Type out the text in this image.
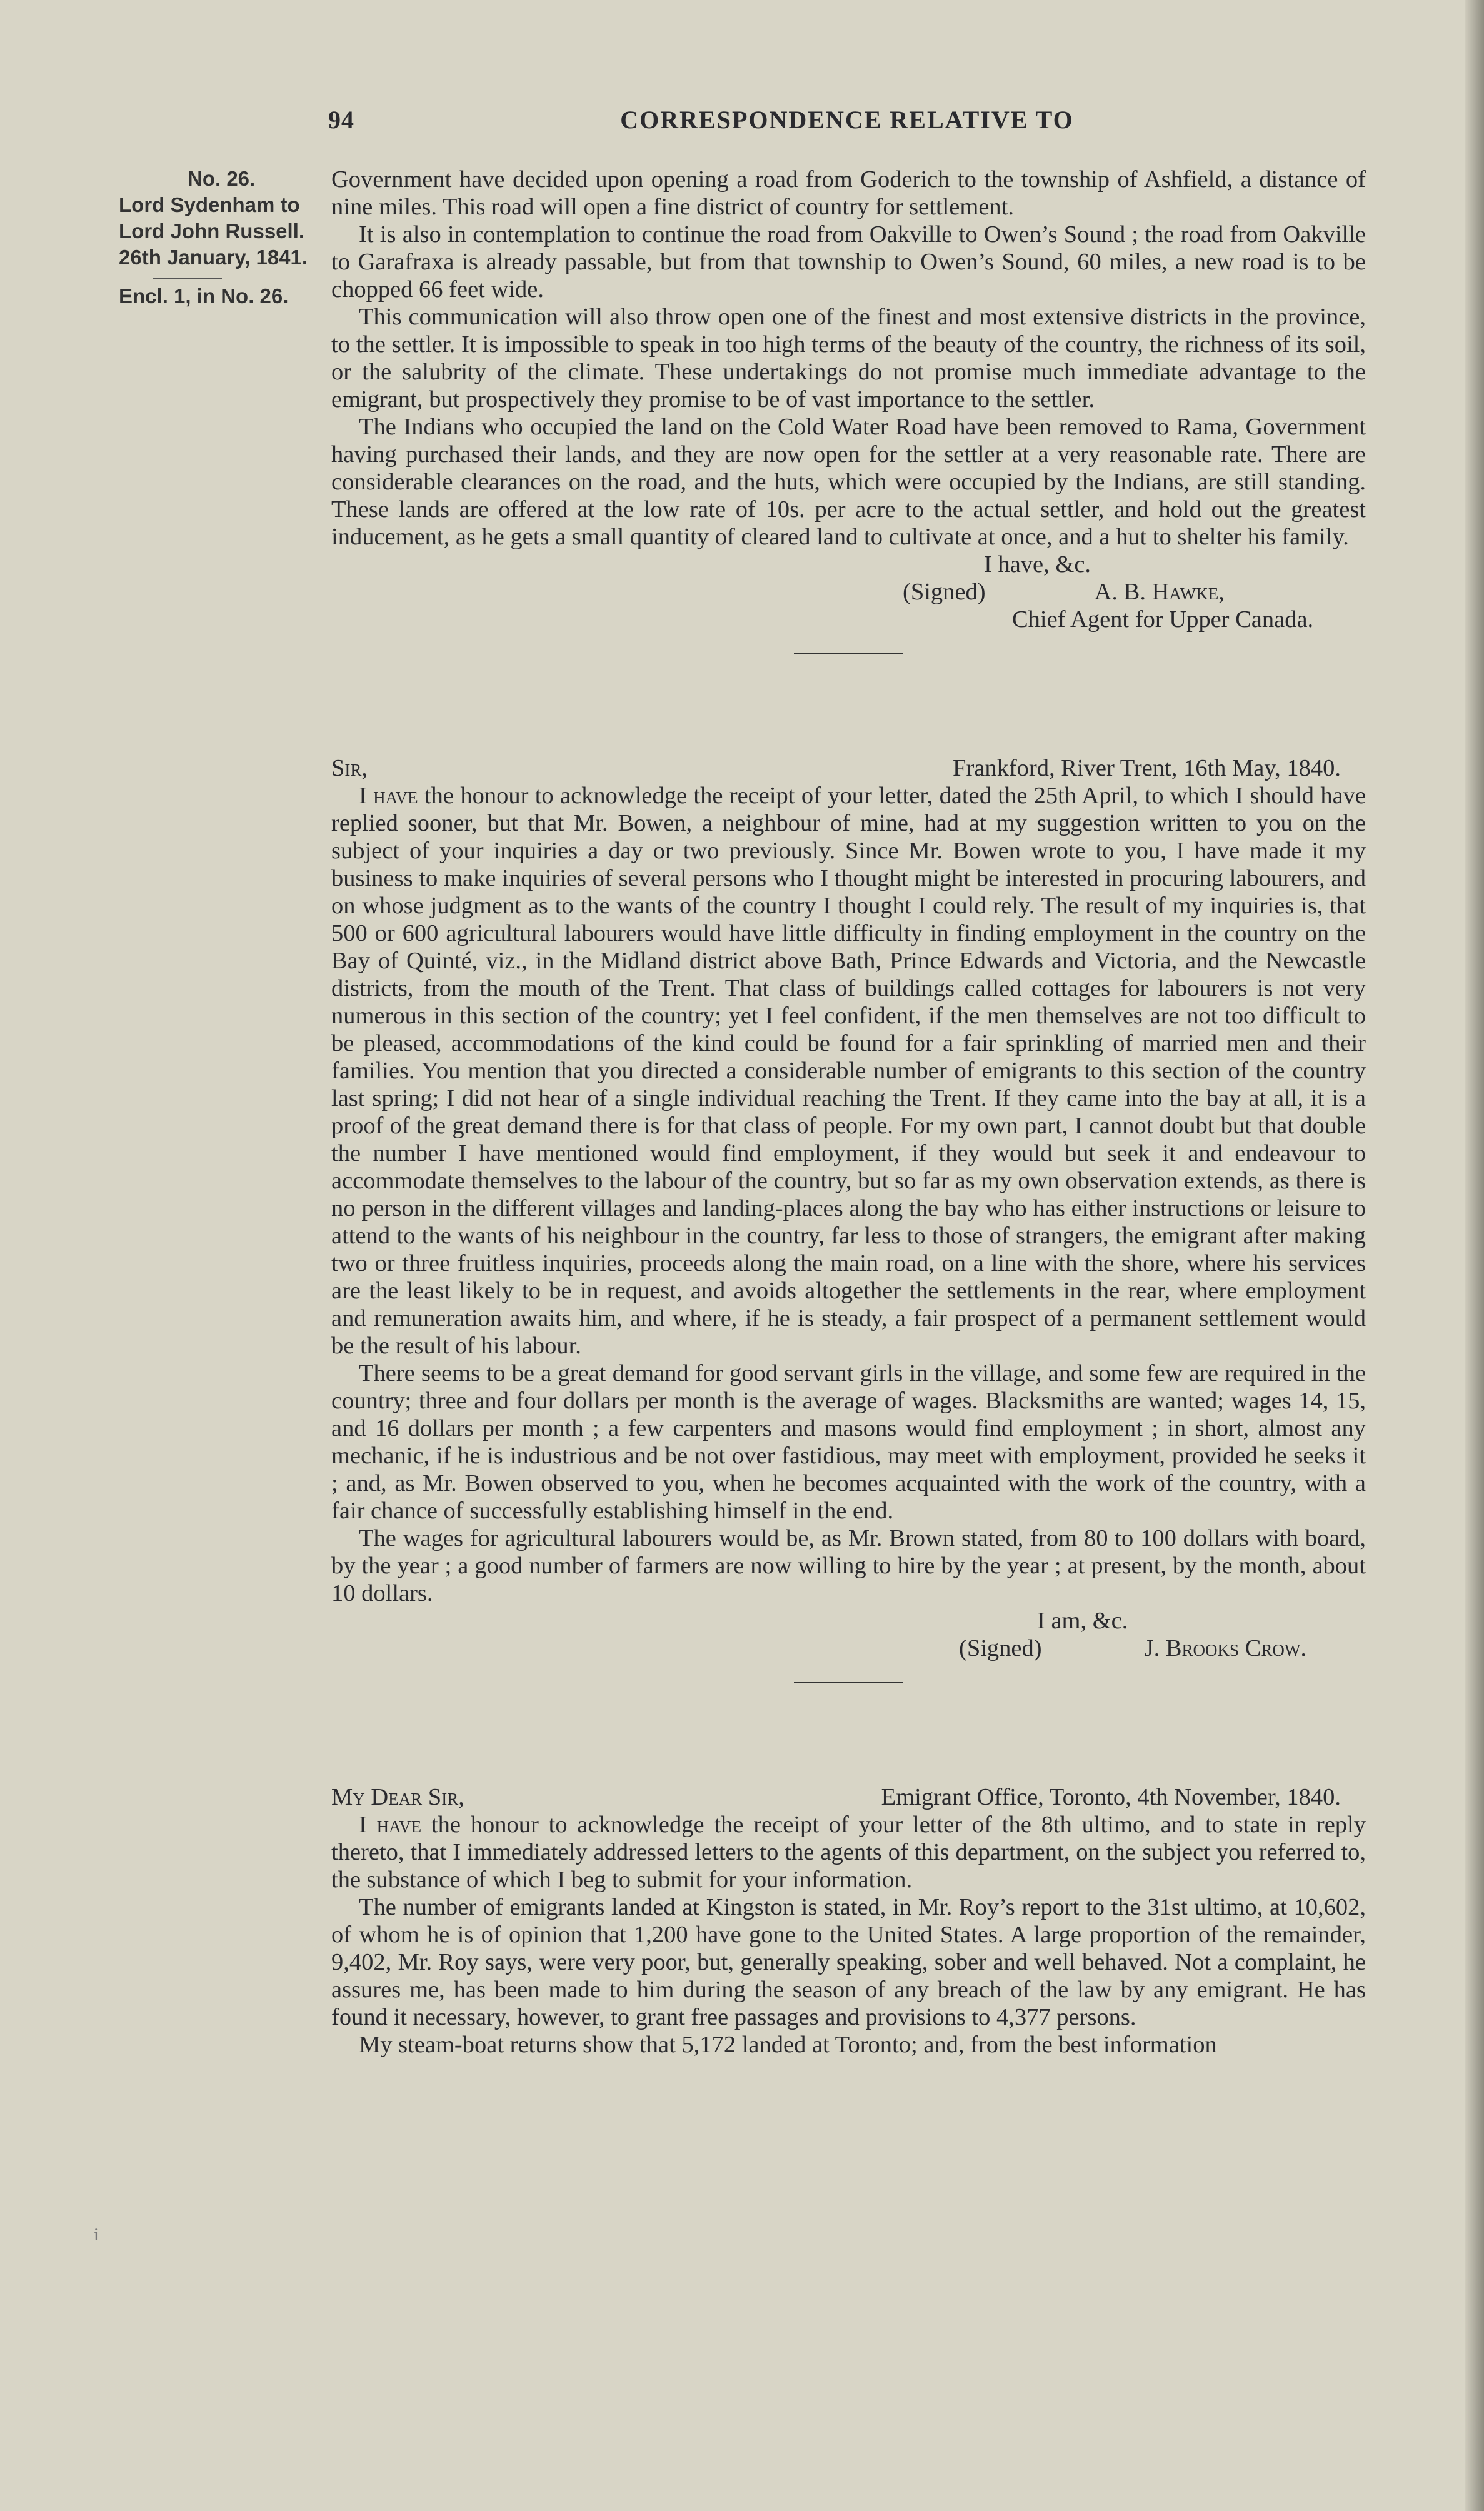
94	CORRESPONDENCE RELATIVE TO
No. 26.
Lord Sydenham to
Lord John Russell.
26th January, 1841.
Encl. 1, in No. 26.

Government have decided upon opening a road from Goderich to the township of Ashfield, a distance of nine miles. This road will open a fine district of country for settlement.

It is also in contemplation to continue the road from Oakville to Owen’s Sound ; the road from Oakville to Garafraxa is already passable, but from that township to Owen’s Sound, 60 miles, a new road is to be chopped 66 feet wide.

This communication will also throw open one of the finest and most extensive districts in the province, to the settler. It is impossible to speak in too high terms of the beauty of the country, the richness of its soil, or the salubrity of the climate. These undertakings do not promise much immediate advantage to the emigrant, but prospectively they promise to be of vast importance to the settler.

The Indians who occupied the land on the Cold Water Road have been removed to Rama, Government having purchased their lands, and they are now open for the settler at a very reasonable rate. There are considerable clearances on the road, and the huts, which were occupied by the Indians, are still standing. These lands are offered at the low rate of 10s. per acre to the actual settler, and hold out the greatest inducement, as he gets a small quantity of cleared land to cultivate at once, and a hut to shelter his family.

I have, &c.

(Signed)	A. B. Hawke,

Chief Agent for Upper Canada.

Sir,	Frankford, River Trent, 16th May, 1840.

I have the honour to acknowledge the receipt of your letter, dated the 25th April, to which I should have replied sooner, but that Mr. Bowen, a neighbour of mine, had at my suggestion written to you on the subject of your inquiries a day or two previously. Since Mr. Bowen wrote to you, I have made it my business to make inquiries of several persons who I thought might be interested in procuring labourers, and on whose judgment as to the wants of the country I thought I could rely. The result of my inquiries is, that 500 or 600 agricultural labourers would have little difficulty in finding employment in the country on the Bay of Quinté, viz., in the Midland district above Bath, Prince Edwards and Victoria, and the Newcastle districts, from the mouth of the Trent. That class of buildings called cottages for labourers is not very numerous in this section of the country; yet I feel confident, if the men themselves are not too difficult to be pleased, accommodations of the kind could be found for a fair sprinkling of married men and their families. You mention that you directed a considerable number of emigrants to this section of the country last spring; I did not hear of a single individual reaching the Trent. If they came into the bay at all, it is a proof of the great demand there is for that class of people. For my own part, I cannot doubt but that double the number I have mentioned would find employment, if they would but seek it and endeavour to accommodate themselves to the labour of the country, but so far as my own observation extends, as there is no person in the different villages and landing-places along the bay who has either instructions or leisure to attend to the wants of his neighbour in the country, far less to those of strangers, the emigrant after making two or three fruitless inquiries, proceeds along the main road, on a line with the shore, where his services are the least likely to be in request, and avoids altogether the settlements in the rear, where employment and remuneration awaits him, and where, if he is steady, a fair prospect of a permanent settlement would be the result of his labour.

There seems to be a great demand for good servant girls in the village, and some few are required in the country; three and four dollars per month is the average of wages. Blacksmiths are wanted; wages 14, 15, and 16 dollars per month ; a few carpenters and masons would find employment ; in short, almost any mechanic, if he is industrious and be not over fastidious, may meet with employment, provided he seeks it ; and, as Mr. Bowen observed to you, when he becomes acquainted with the work of the country, with a fair chance of successfully establishing himself in the end.

The wages for agricultural labourers would be, as Mr. Brown stated, from 80 to 100 dollars with board, by the year ; a good number of farmers are now willing to hire by the year ; at present, by the month, about 10 dollars.

I am, &c.

(Signed)	J. Brooks Crow.

My Dear Sir,	Emigrant Office, Toronto, 4th November, 1840.

I have the honour to acknowledge the receipt of your letter of the 8th ultimo, and to state in reply thereto, that I immediately addressed letters to the agents of this department, on the subject you referred to, the substance of which I beg to submit for your information.

The number of emigrants landed at Kingston is stated, in Mr. Roy’s report to the 31st ultimo, at 10,602, of whom he is of opinion that 1,200 have gone to the United States. A large proportion of the remainder, 9,402, Mr. Roy says, were very poor, but, generally speaking, sober and well behaved. Not a complaint, he assures me, has been made to him during the season of any breach of the law by any emigrant. He has found it necessary, however, to grant free passages and provisions to 4,377 persons.

My steam-boat returns show that 5,172 landed at Toronto; and, from the best information

i
